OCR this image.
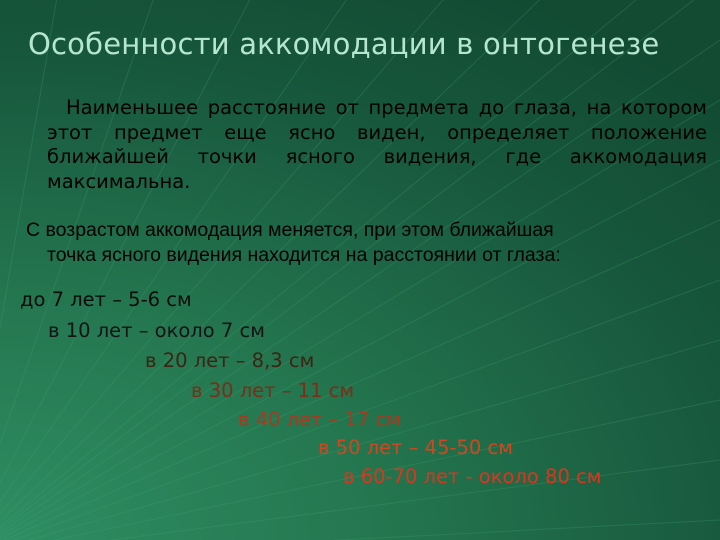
Особенности аккомодации в онтогенезе

Наименьшее расстояние от предмета до глаза, на котором этот предмет еще ясно виден, определяет положение ближайшей точки ясного видения, где аккомодация максимальна.

С возрастом аккомодация меняется, при этом ближайшая
точка ясного видения находится на расстоянии от глаза:

до 7 лет – 5-6 см
в 10 лет – около 7 см
в 20 лет – 8,3 см
в 30 лет – 11 см
в 40 лет – 17 см
в 50 лет – 45-50 см
в 60-70 лет - около 80 см
